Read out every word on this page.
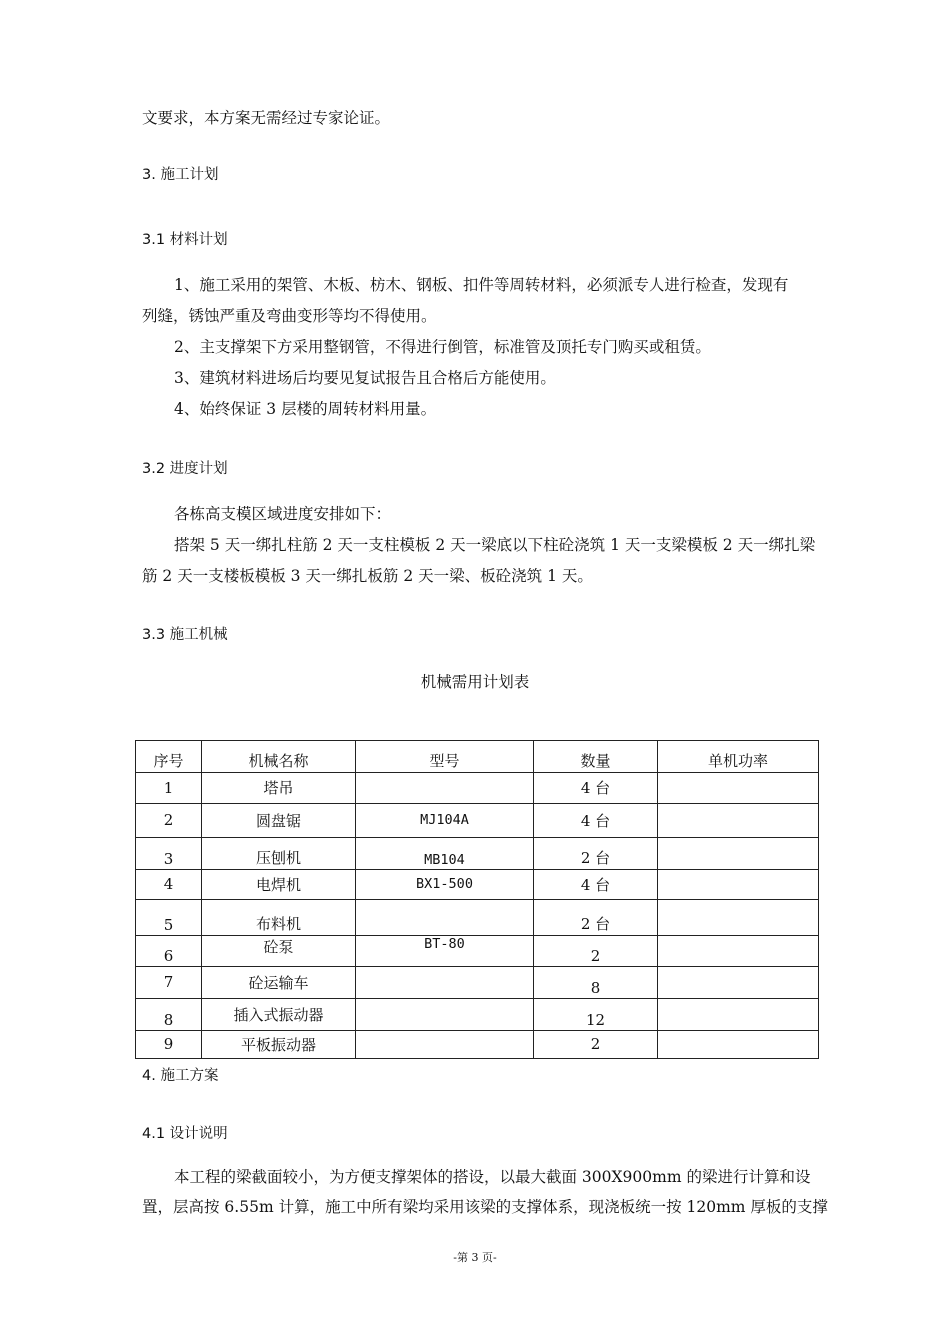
文要求，本方案无需经过专家论证。
3. 施工计划
3.1 材料计划
1、施工采用的架管、木板、枋木、钢板、扣件等周转材料，必须派专人进行检查，发现有
列缝，锈蚀严重及弯曲变形等均不得使用。
2、主支撑架下方采用整钢管，不得进行倒管，标准管及顶托专门购买或租赁。
3、建筑材料进场后均要见复试报告且合格后方能使用。
4、始终保证 3 层楼的周转材料用量。
3.2 进度计划
各栋高支模区域进度安排如下：
搭架 5 天一绑扎柱筋 2 天一支柱模板 2 天一梁底以下柱砼浇筑 1 天一支梁模板 2 天一绑扎梁
筋 2 天一支楼板模板 3 天一绑扎板筋 2 天一梁、板砼浇筑 1 天。
3.3 施工机械
机械需用计划表
序号	机械名称	型号	数量	单机功率

1	塔吊		4 台	

2	圆盘锯	MJ104A	4 台	

3	压刨机	MB104	2 台	

4	电焊机	BX1-500	4 台	

5	布料机		2 台	

6	砼泵	BT-80	2	

7	砼运输车		8	

8	插入式振动器		12	

9	平板振动器		2	

4. 施工方案
4.1 设计说明
本工程的梁截面较小，为方便支撑架体的搭设，以最大截面 300X900mm 的梁进行计算和设
置，层高按 6.55m 计算，施工中所有梁均采用该梁的支撑体系，现浇板统一按 120mm 厚板的支撑
-第 3 页-
